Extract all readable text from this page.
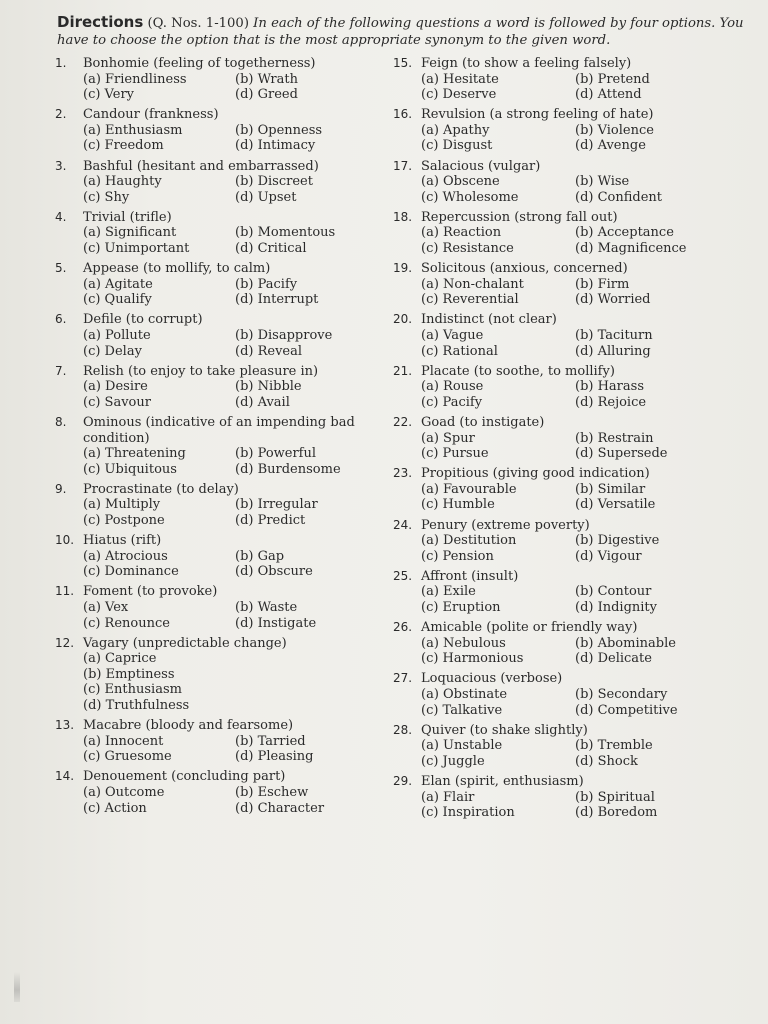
Directions (Q. Nos. 1-100) In each of the following questions a word is followed by four options. You have to choose the option that is the most appropriate synonym to the given word.
1.	Bonhomie (feeling of togetherness)
(a) Friendliness	(b) Wrath
(c) Very	(d) Greed
2.	Candour (frankness)
(a) Enthusiasm	(b) Openness
(c) Freedom	(d) Intimacy
3.	Bashful (hesitant and embarrassed)
(a) Haughty	(b) Discreet
(c) Shy	(d) Upset
4.	Trivial (trifle)
(a) Significant	(b) Momentous
(c) Unimportant	(d) Critical
5.	Appease (to mollify, to calm)
(a) Agitate	(b) Pacify
(c) Qualify	(d) Interrupt
6.	Defile (to corrupt)
(a) Pollute	(b) Disapprove
(c) Delay	(d) Reveal
7.	Relish (to enjoy to take pleasure in)
(a) Desire	(b) Nibble
(c) Savour	(d) Avail
8.	Ominous (indicative of an impending bad condition)
(a) Threatening	(b) Powerful
(c) Ubiquitous	(d) Burdensome
9.	Procrastinate (to delay)
(a) Multiply	(b) Irregular
(c) Postpone	(d) Predict
10. Hiatus (rift)
(a) Atrocious	(b) Gap
(c) Dominance	(d) Obscure
11. Foment (to provoke)
(a) Vex	(b) Waste
(c) Renounce	(d) Instigate
12. Vagary (unpredictable change)
(a) Caprice
(b) Emptiness
(c) Enthusiasm
(d) Truthfulness
13. Macabre (bloody and fearsome)
(a) Innocent	(b) Tarried
(c) Gruesome	(d) Pleasing
14. Denouement (concluding part)
(a) Outcome	(b) Eschew
(c) Action	(d) Character
15. Feign (to show a feeling falsely)
(a) Hesitate	(b) Pretend
(c) Deserve	(d) Attend
16. Revulsion (a strong feeling of hate)
(a) Apathy	(b) Violence
(c) Disgust	(d) Avenge
17. Salacious (vulgar)
(a) Obscene	(b) Wise
(c) Wholesome	(d) Confident
18. Repercussion (strong fall out)
(a) Reaction	(b) Acceptance
(c) Resistance	(d) Magnificence
19. Solicitous (anxious, concerned)
(a) Non-chalant	(b) Firm
(c) Reverential	(d) Worried
20. Indistinct (not clear)
(a) Vague	(b) Taciturn
(c) Rational	(d) Alluring
21. Placate (to soothe, to mollify)
(a) Rouse	(b) Harass
(c) Pacify	(d) Rejoice
22. Goad (to instigate)
(a) Spur	(b) Restrain
(c) Pursue	(d) Supersede
23. Propitious (giving good indication)
(a) Favourable	(b) Similar
(c) Humble	(d) Versatile
24. Penury (extreme poverty)
(a) Destitution	(b) Digestive
(c) Pension	(d) Vigour
25. Affront (insult)
(a) Exile	(b) Contour
(c) Eruption	(d) Indignity
26. Amicable (polite or friendly way)
(a) Nebulous	(b) Abominable
(c) Harmonious	(d) Delicate
27. Loquacious (verbose)
(a) Obstinate	(b) Secondary
(c) Talkative	(d) Competitive
28. Quiver (to shake slightly)
(a) Unstable	(b) Tremble
(c) Juggle	(d) Shock
29. Elan (spirit, enthusiasm)
(a) Flair	(b) Spiritual
(c) Inspiration	(d) Boredom
